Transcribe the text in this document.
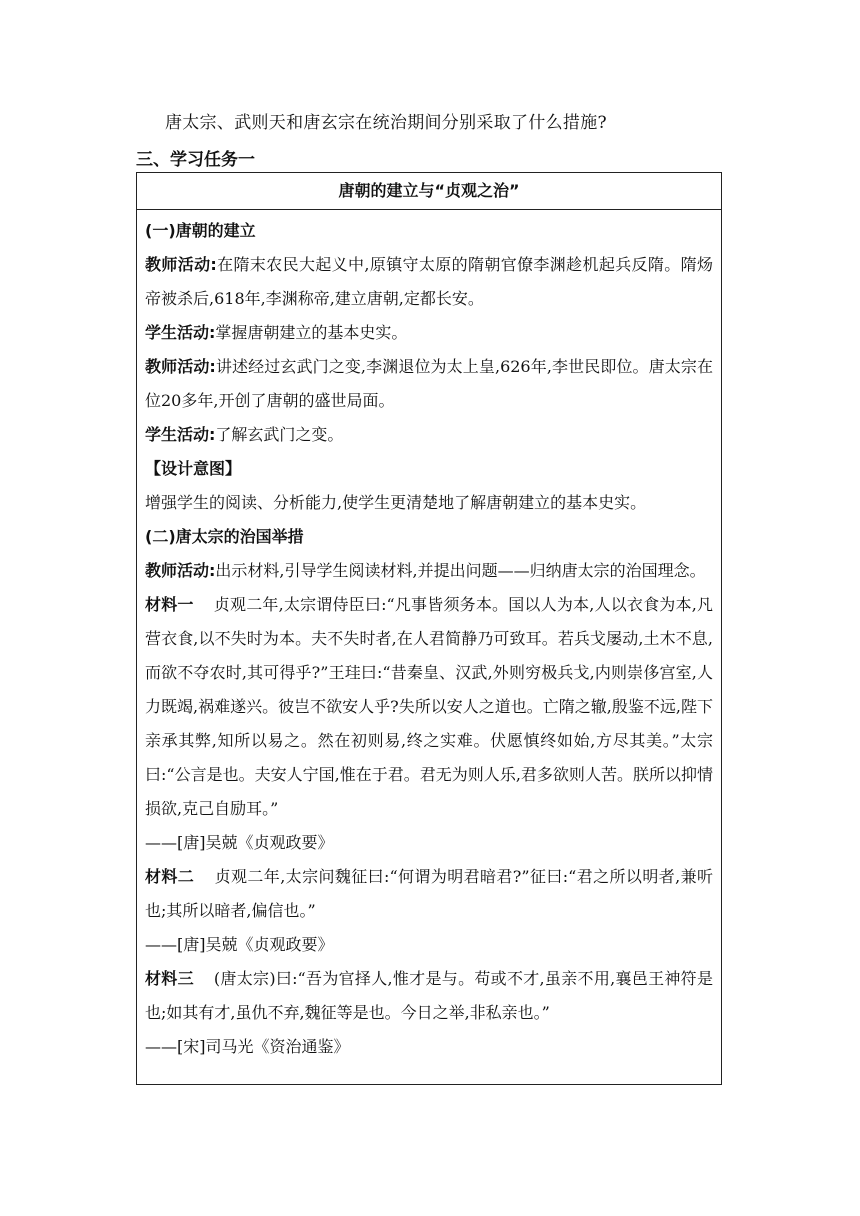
唐太宗、武则天和唐玄宗在统治期间分别采取了什么措施?
三、学习任务一
唐朝的建立与“贞观之治”

(一)唐朝的建立

教师活动:在隋末农民大起义中,原镇守太原的隋朝官僚李渊趁机起兵反隋。隋炀帝被杀后,618年,李渊称帝,建立唐朝,定都长安。

学生活动:掌握唐朝建立的基本史实。

教师活动:讲述经过玄武门之变,李渊退位为太上皇,626年,李世民即位。唐太宗在位20多年,开创了唐朝的盛世局面。

学生活动:了解玄武门之变。

【设计意图】

增强学生的阅读、分析能力,使学生更清楚地了解唐朝建立的基本史实。

(二)唐太宗的治国举措

教师活动:出示材料,引导学生阅读材料,并提出问题——归纳唐太宗的治国理念。

材料一 贞观二年,太宗谓侍臣曰:“凡事皆须务本。国以人为本,人以衣食为本,凡营衣食,以不失时为本。夫不失时者,在人君简静乃可致耳。若兵戈屡动,土木不息,而欲不夺农时,其可得乎?”王珪曰:“昔秦皇、汉武,外则穷极兵戈,内则崇侈宫室,人力既竭,祸难遂兴。彼岂不欲安人乎?失所以安人之道也。亡隋之辙,殷鉴不远,陛下亲承其弊,知所以易之。然在初则易,终之实难。伏愿慎终如始,方尽其美。”太宗曰:“公言是也。夫安人宁国,惟在于君。君无为则人乐,君多欲则人苦。朕所以抑情损欲,克己自励耳。”

——[唐]吴兢《贞观政要》

材料二 贞观二年,太宗问魏征曰:“何谓为明君暗君?”征曰:“君之所以明者,兼听也;其所以暗者,偏信也。”

——[唐]吴兢《贞观政要》

材料三 (唐太宗)曰:“吾为官择人,惟才是与。苟或不才,虽亲不用,襄邑王神符是也;如其有才,虽仇不弃,魏征等是也。今日之举,非私亲也。”

——[宋]司马光《资治通鉴》
